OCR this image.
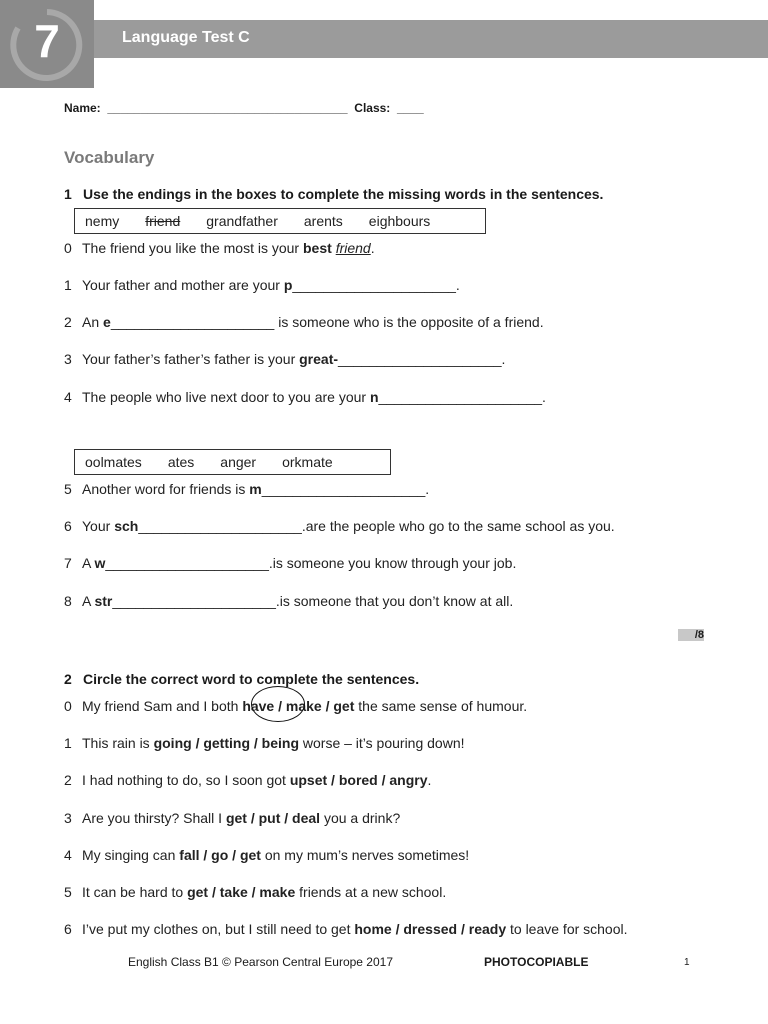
7	Language Test C
Name:  ____________________________________  Class:  ____
Vocabulary
1 Use the endings in the boxes to complete the missing words in the sentences.
nemy friend grandfather arents eighbours
0 The friend you like the most is your best friend.
1 Your father and mother are your p_____________________.
2 An e_____________________ is someone who is the opposite of a friend.
3 Your father’s father’s father is your great-_____________________.
4 The people who live next door to you are your n_____________________.
oolmates ates anger orkmate
5 Another word for friends is m_____________________.
6 Your sch_____________________.are the people who go to the same school as you.
7 A w_____________________.is someone you know through your job.
8 A str_____________________.is someone that you don’t know at all.
/8
2 Circle the correct word to complete the sentences.
0 My friend Sam and I both have / make / get the same sense of humour.
1 This rain is going / getting / being worse – it’s pouring down!
2 I had nothing to do, so I soon got upset / bored / angry.
3 Are you thirsty? Shall I get / put / deal you a drink?
4 My singing can fall / go / get on my mum’s nerves sometimes!
5 It can be hard to get / take / make friends at a new school.
6 I’ve put my clothes on, but I still need to get home / dressed / ready to leave for school.
English Class B1 © Pearson Central Europe 2017	PHOTOCOPIABLE	1
